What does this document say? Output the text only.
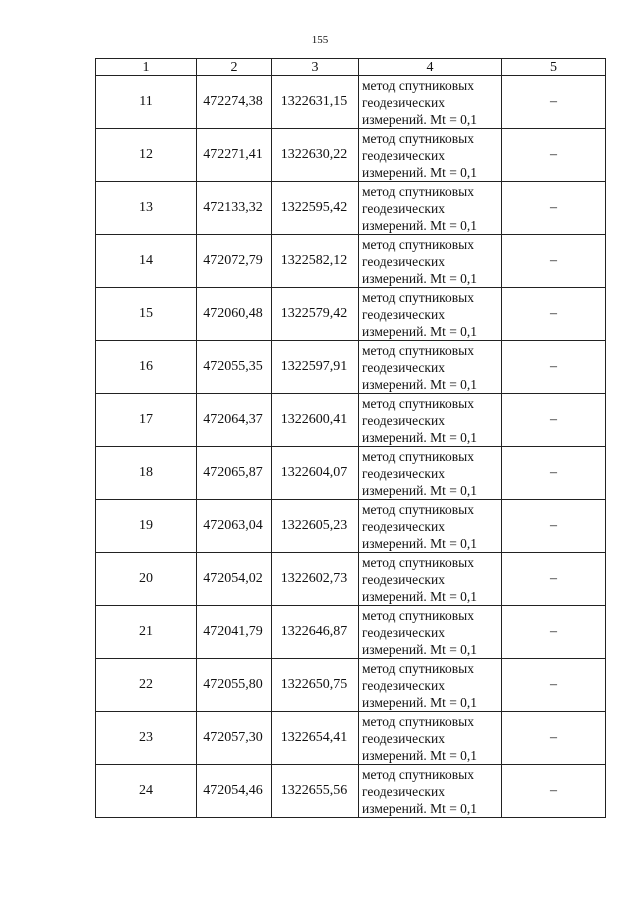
155
1	2	3	4	5
11	472274,38	1322631,15	метод спутниковых
геодезических
измерений. Mt = 0,1	–
12	472271,41	1322630,22	метод спутниковых
геодезических
измерений. Mt = 0,1	–
13	472133,32	1322595,42	метод спутниковых
геодезических
измерений. Mt = 0,1	–
14	472072,79	1322582,12	метод спутниковых
геодезических
измерений. Mt = 0,1	–
15	472060,48	1322579,42	метод спутниковых
геодезических
измерений. Mt = 0,1	–
16	472055,35	1322597,91	метод спутниковых
геодезических
измерений. Mt = 0,1	–
17	472064,37	1322600,41	метод спутниковых
геодезических
измерений. Mt = 0,1	–
18	472065,87	1322604,07	метод спутниковых
геодезических
измерений. Mt = 0,1	–
19	472063,04	1322605,23	метод спутниковых
геодезических
измерений. Mt = 0,1	–
20	472054,02	1322602,73	метод спутниковых
геодезических
измерений. Mt = 0,1	–
21	472041,79	1322646,87	метод спутниковых
геодезических
измерений. Mt = 0,1	–
22	472055,80	1322650,75	метод спутниковых
геодезических
измерений. Mt = 0,1	–
23	472057,30	1322654,41	метод спутниковых
геодезических
измерений. Mt = 0,1	–
24	472054,46	1322655,56	метод спутниковых
геодезических
измерений. Mt = 0,1	–
